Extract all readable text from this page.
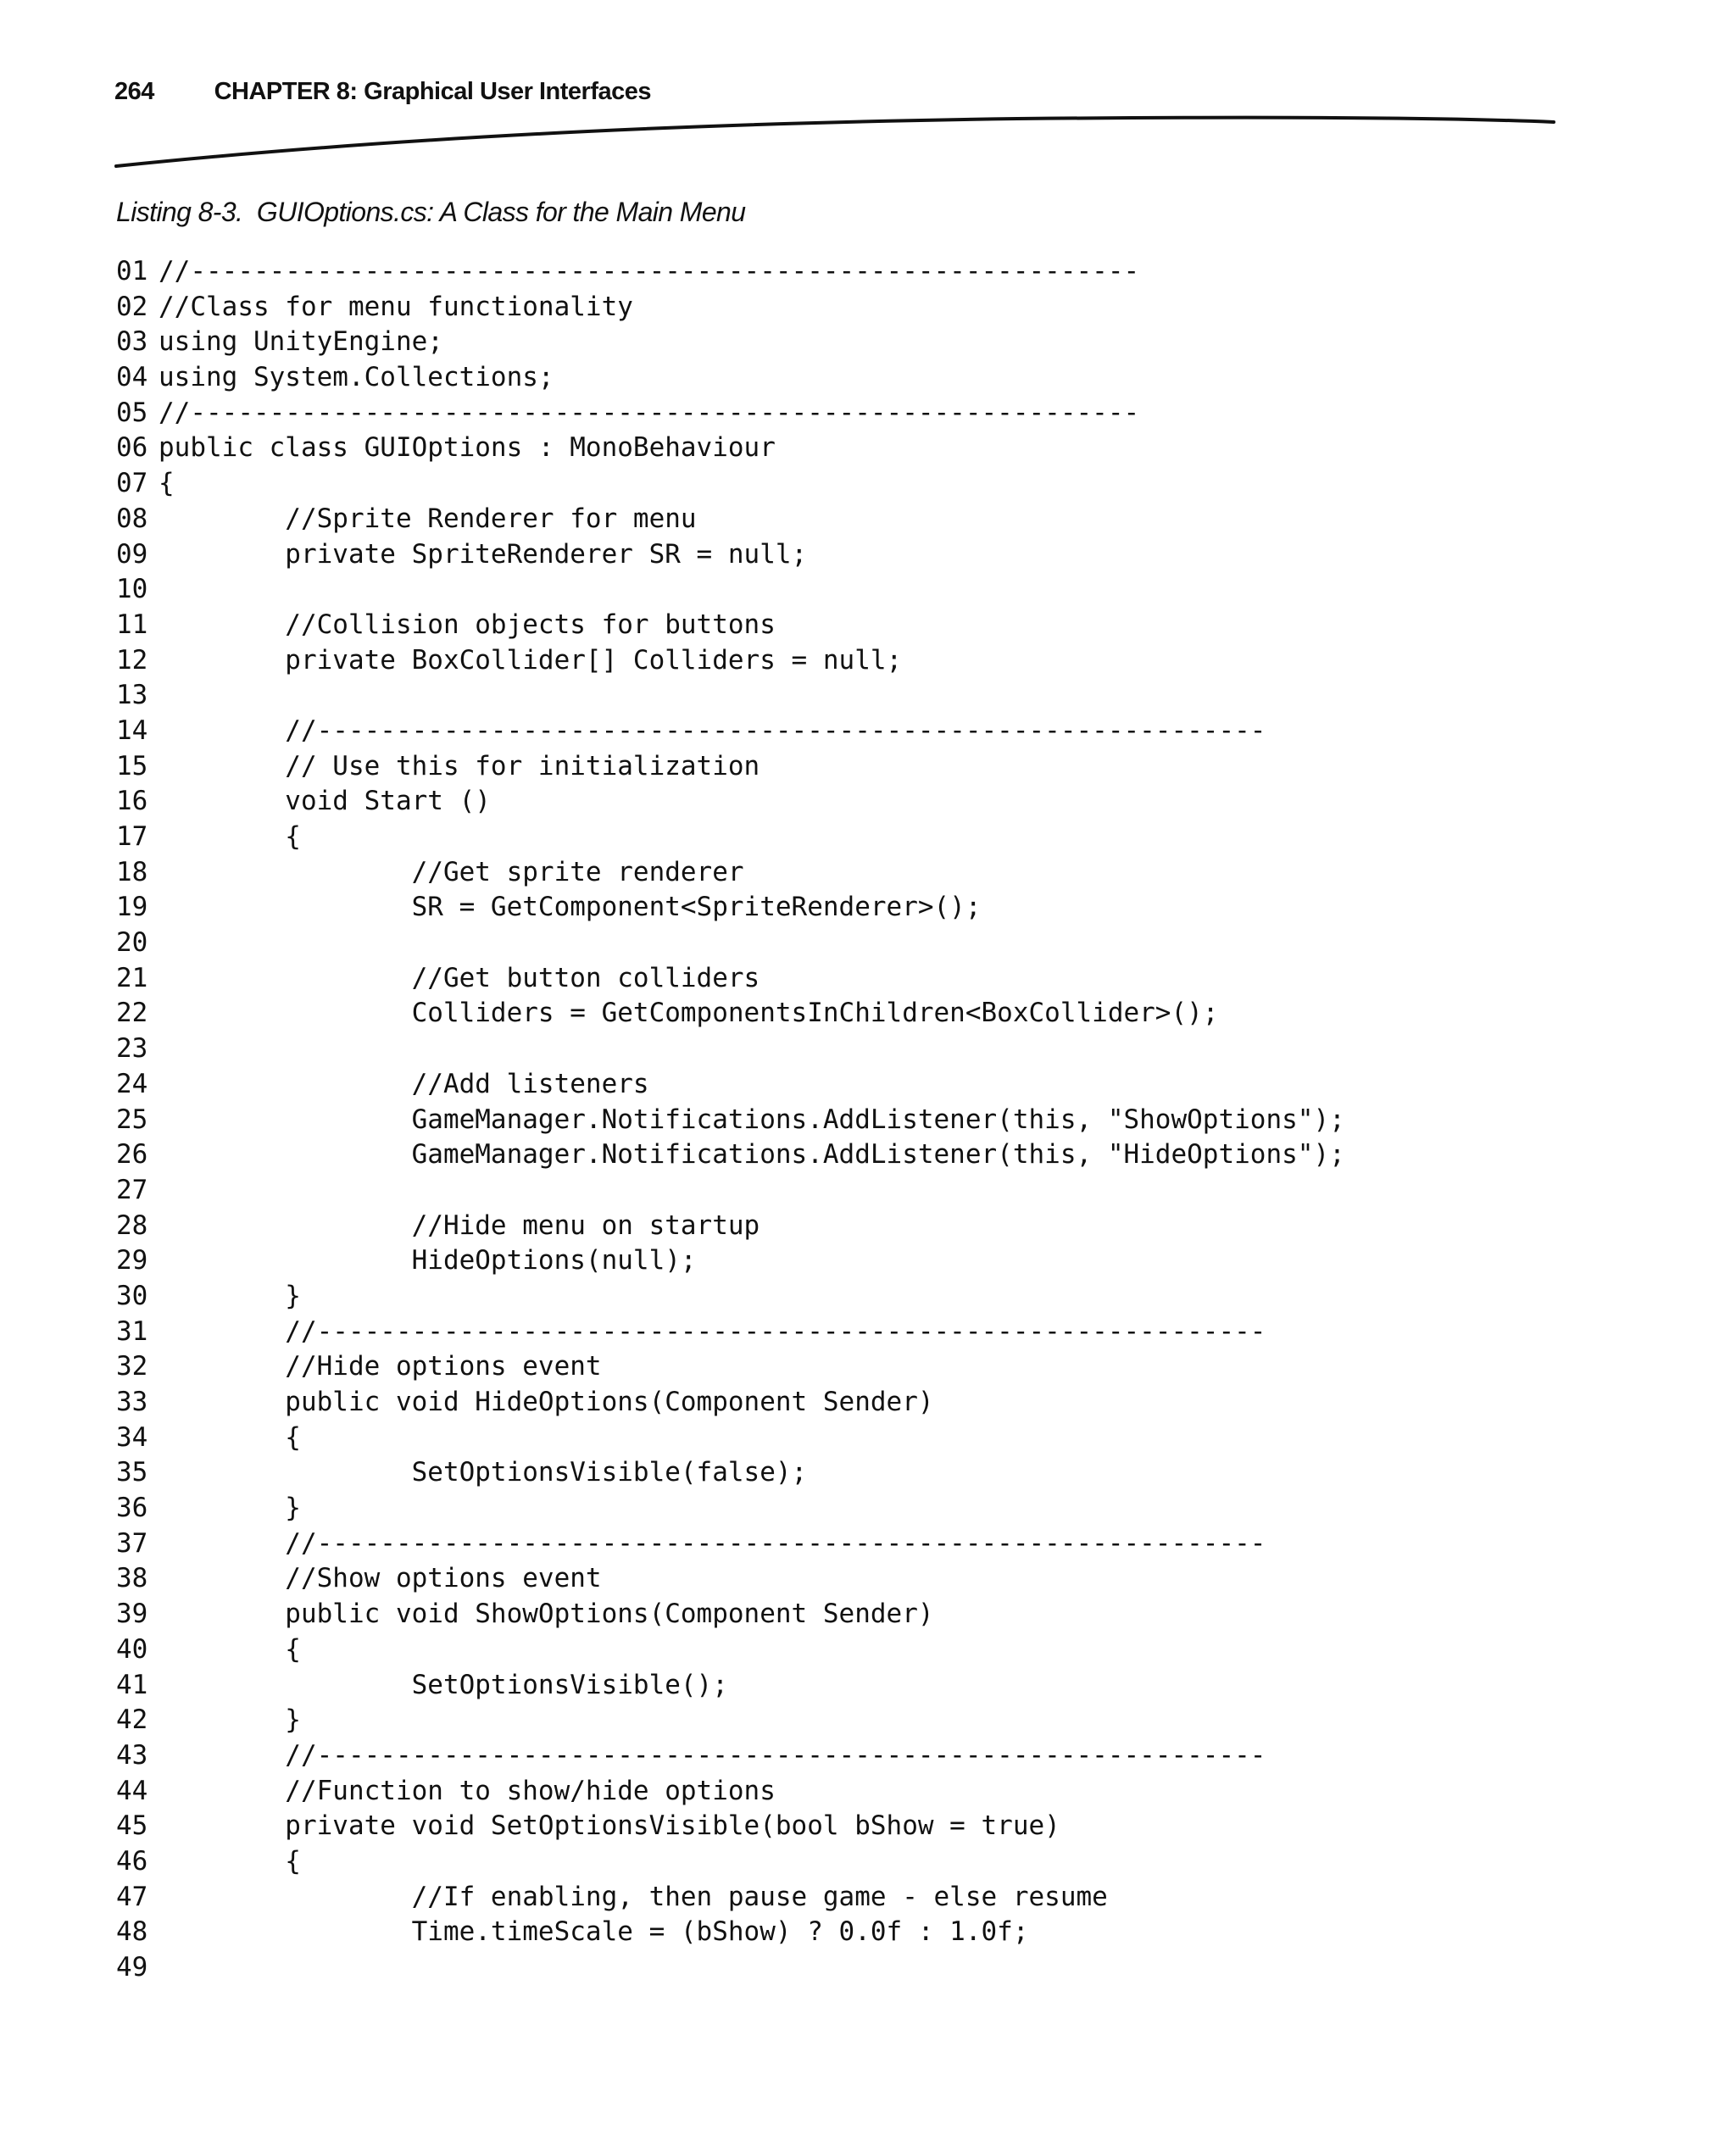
264 CHAPTER 8: Graphical User Interfaces
Listing 8-3.  GUIOptions.cs: A Class for the Main Menu
01 //------------------------------------------------------------
02 //Class for menu functionality
03 using UnityEngine;
04 using System.Collections;
05 //------------------------------------------------------------
06 public class GUIOptions : MonoBehaviour
07 {
08 //Sprite Renderer for menu
09 private SpriteRenderer SR = null;
10
11 //Collision objects for buttons
12 private BoxCollider[] Colliders = null;
13
14 //------------------------------------------------------------
15 // Use this for initialization
16 void Start ()
17 {
18 //Get sprite renderer
19 SR = GetComponent<SpriteRenderer>();
20
21 //Get button colliders
22 Colliders = GetComponentsInChildren<BoxCollider>();
23
24 //Add listeners
25 GameManager.Notifications.AddListener(this, "ShowOptions");
26 GameManager.Notifications.AddListener(this, "HideOptions");
27
28 //Hide menu on startup
29 HideOptions(null);
30 }
31 //------------------------------------------------------------
32 //Hide options event
33 public void HideOptions(Component Sender)
34 {
35 SetOptionsVisible(false);
36 }
37 //------------------------------------------------------------
38 //Show options event
39 public void ShowOptions(Component Sender)
40 {
41 SetOptionsVisible();
42 }
43 //------------------------------------------------------------
44 //Function to show/hide options
45 private void SetOptionsVisible(bool bShow = true)
46 {
47 //If enabling, then pause game - else resume
48 Time.timeScale = (bShow) ? 0.0f : 1.0f;
49
